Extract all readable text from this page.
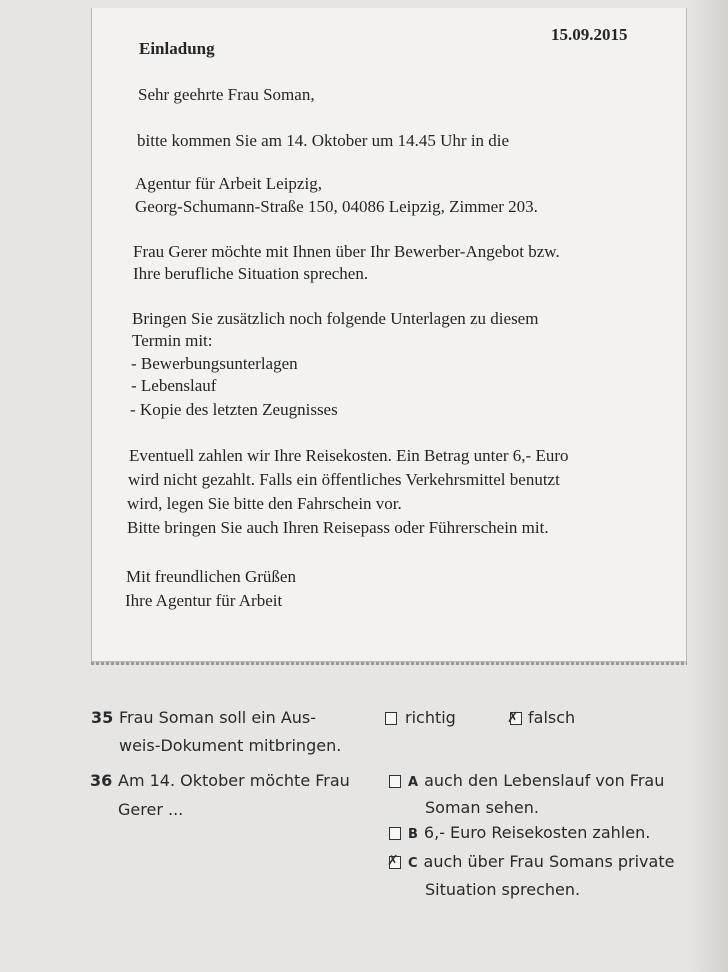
15.09.2015
Einladung
Sehr geehrte Frau Soman,
bitte kommen Sie am 14. Oktober um 14.45 Uhr in die
Agentur für Arbeit Leipzig,
Georg-Schumann-Straße 150, 04086 Leipzig, Zimmer 203.
Frau Gerer möchte mit Ihnen über Ihr Bewerber-Angebot bzw.
Ihre berufliche Situation sprechen.
Bringen Sie zusätzlich noch folgende Unterlagen zu diesem
Termin mit:
- Bewerbungsunterlagen
- Lebenslauf
- Kopie des letzten Zeugnisses
Eventuell zahlen wir Ihre Reisekosten. Ein Betrag unter 6,- Euro
wird nicht gezahlt. Falls ein öffentliches Verkehrsmittel benutzt
wird, legen Sie bitte den Fahrschein vor.
Bitte bringen Sie auch Ihren Reisepass oder Führerschein mit.
Mit freundlichen Grüßen
Ihre Agentur für Arbeit
35 Frau Soman soll ein Aus-
weis-Dokument mitbringen.
richtig	✗ falsch
36 Am 14. Oktober möchte Frau
Gerer ...
A auch den Lebenslauf von Frau
Soman sehen.
B 6,- Euro Reisekosten zahlen.
✗ C auch über Frau Somans private
Situation sprechen.
